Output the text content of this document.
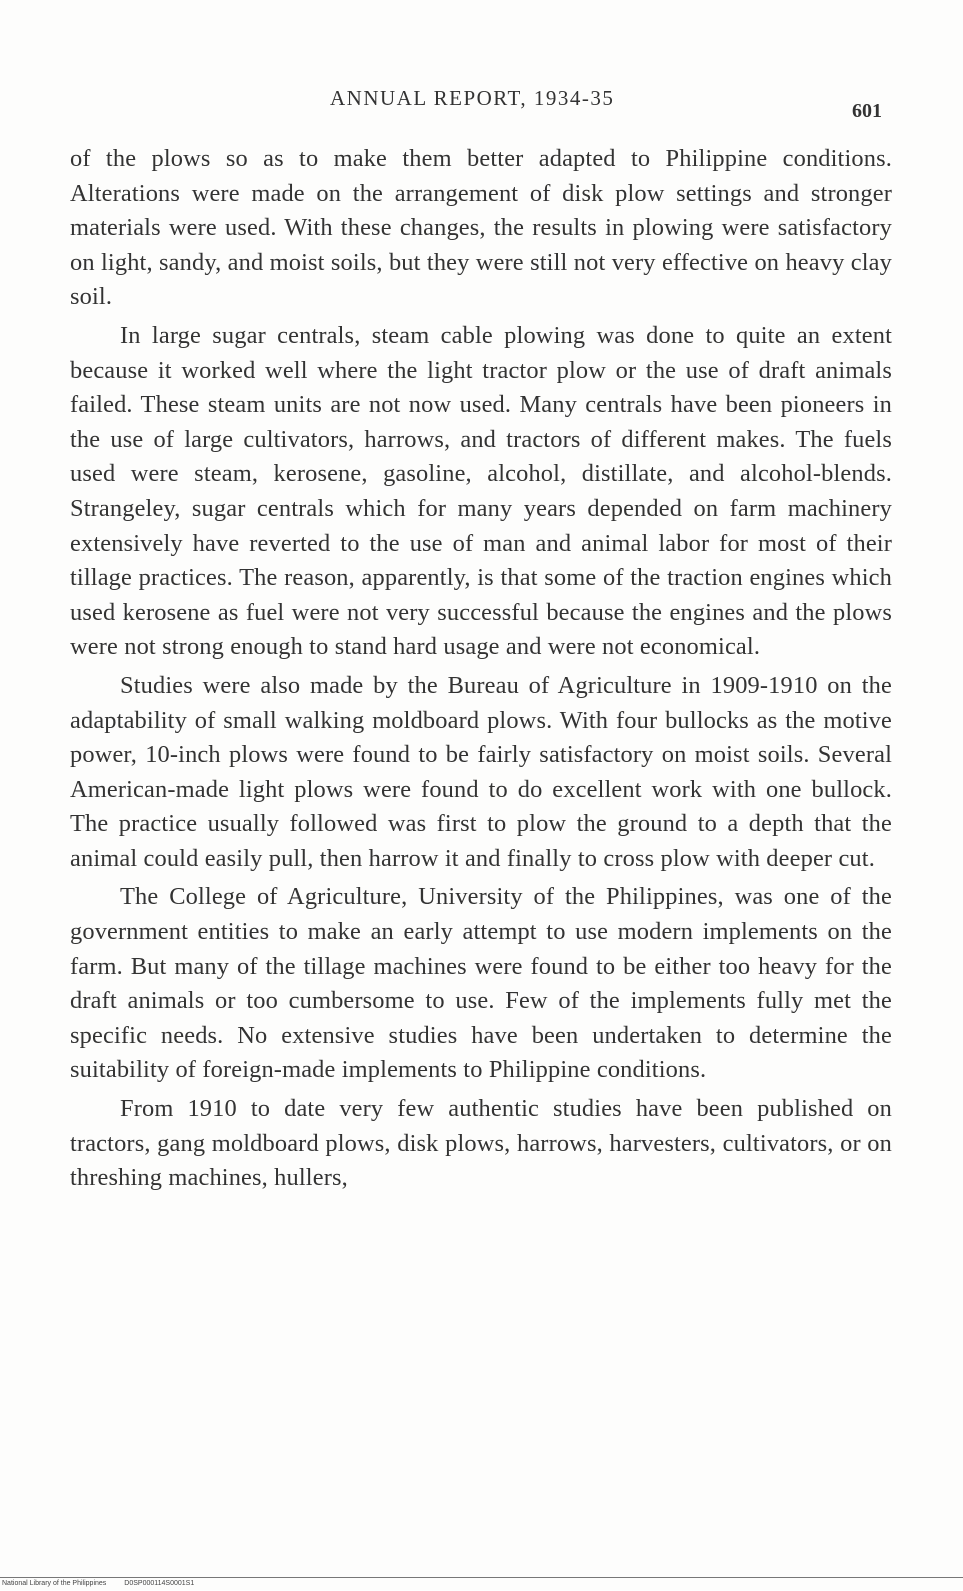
ANNUAL REPORT, 1934-35
601

of the plows so as to make them better adapted to Philippine conditions. Alterations were made on the arrangement of disk plow settings and stronger materials were used. With these changes, the results in plowing were satisfactory on light, sandy, and moist soils, but they were still not very effective on heavy clay soil.

In large sugar centrals, steam cable plowing was done to quite an extent because it worked well where the light tractor plow or the use of draft animals failed. These steam units are not now used. Many centrals have been pioneers in the use of large cultivators, harrows, and tractors of different makes. The fuels used were steam, kerosene, gasoline, alcohol, distillate, and alcohol-blends. Strangeley, sugar centrals which for many years depended on farm machinery extensively have reverted to the use of man and animal labor for most of their tillage practices. The reason, apparently, is that some of the traction engines which used kerosene as fuel were not very successful because the engines and the plows were not strong enough to stand hard usage and were not economical.

Studies were also made by the Bureau of Agriculture in 1909-1910 on the adaptability of small walking moldboard plows. With four bullocks as the motive power, 10-inch plows were found to be fairly satisfactory on moist soils. Several American-made light plows were found to do excellent work with one bullock. The practice usually followed was first to plow the ground to a depth that the animal could easily pull, then harrow it and finally to cross plow with deeper cut.

The College of Agriculture, University of the Philippines, was one of the government entities to make an early attempt to use modern implements on the farm. But many of the tillage machines were found to be either too heavy for the draft animals or too cumbersome to use. Few of the implements fully met the specific needs. No extensive studies have been undertaken to determine the suitability of foreign-made implements to Philippine conditions.

From 1910 to date very few authentic studies have been published on tractors, gang moldboard plows, disk plows, harrows, harvesters, cultivators, or on threshing machines, hullers,

National Library of the Philippines	D0SP000114S0001S1
